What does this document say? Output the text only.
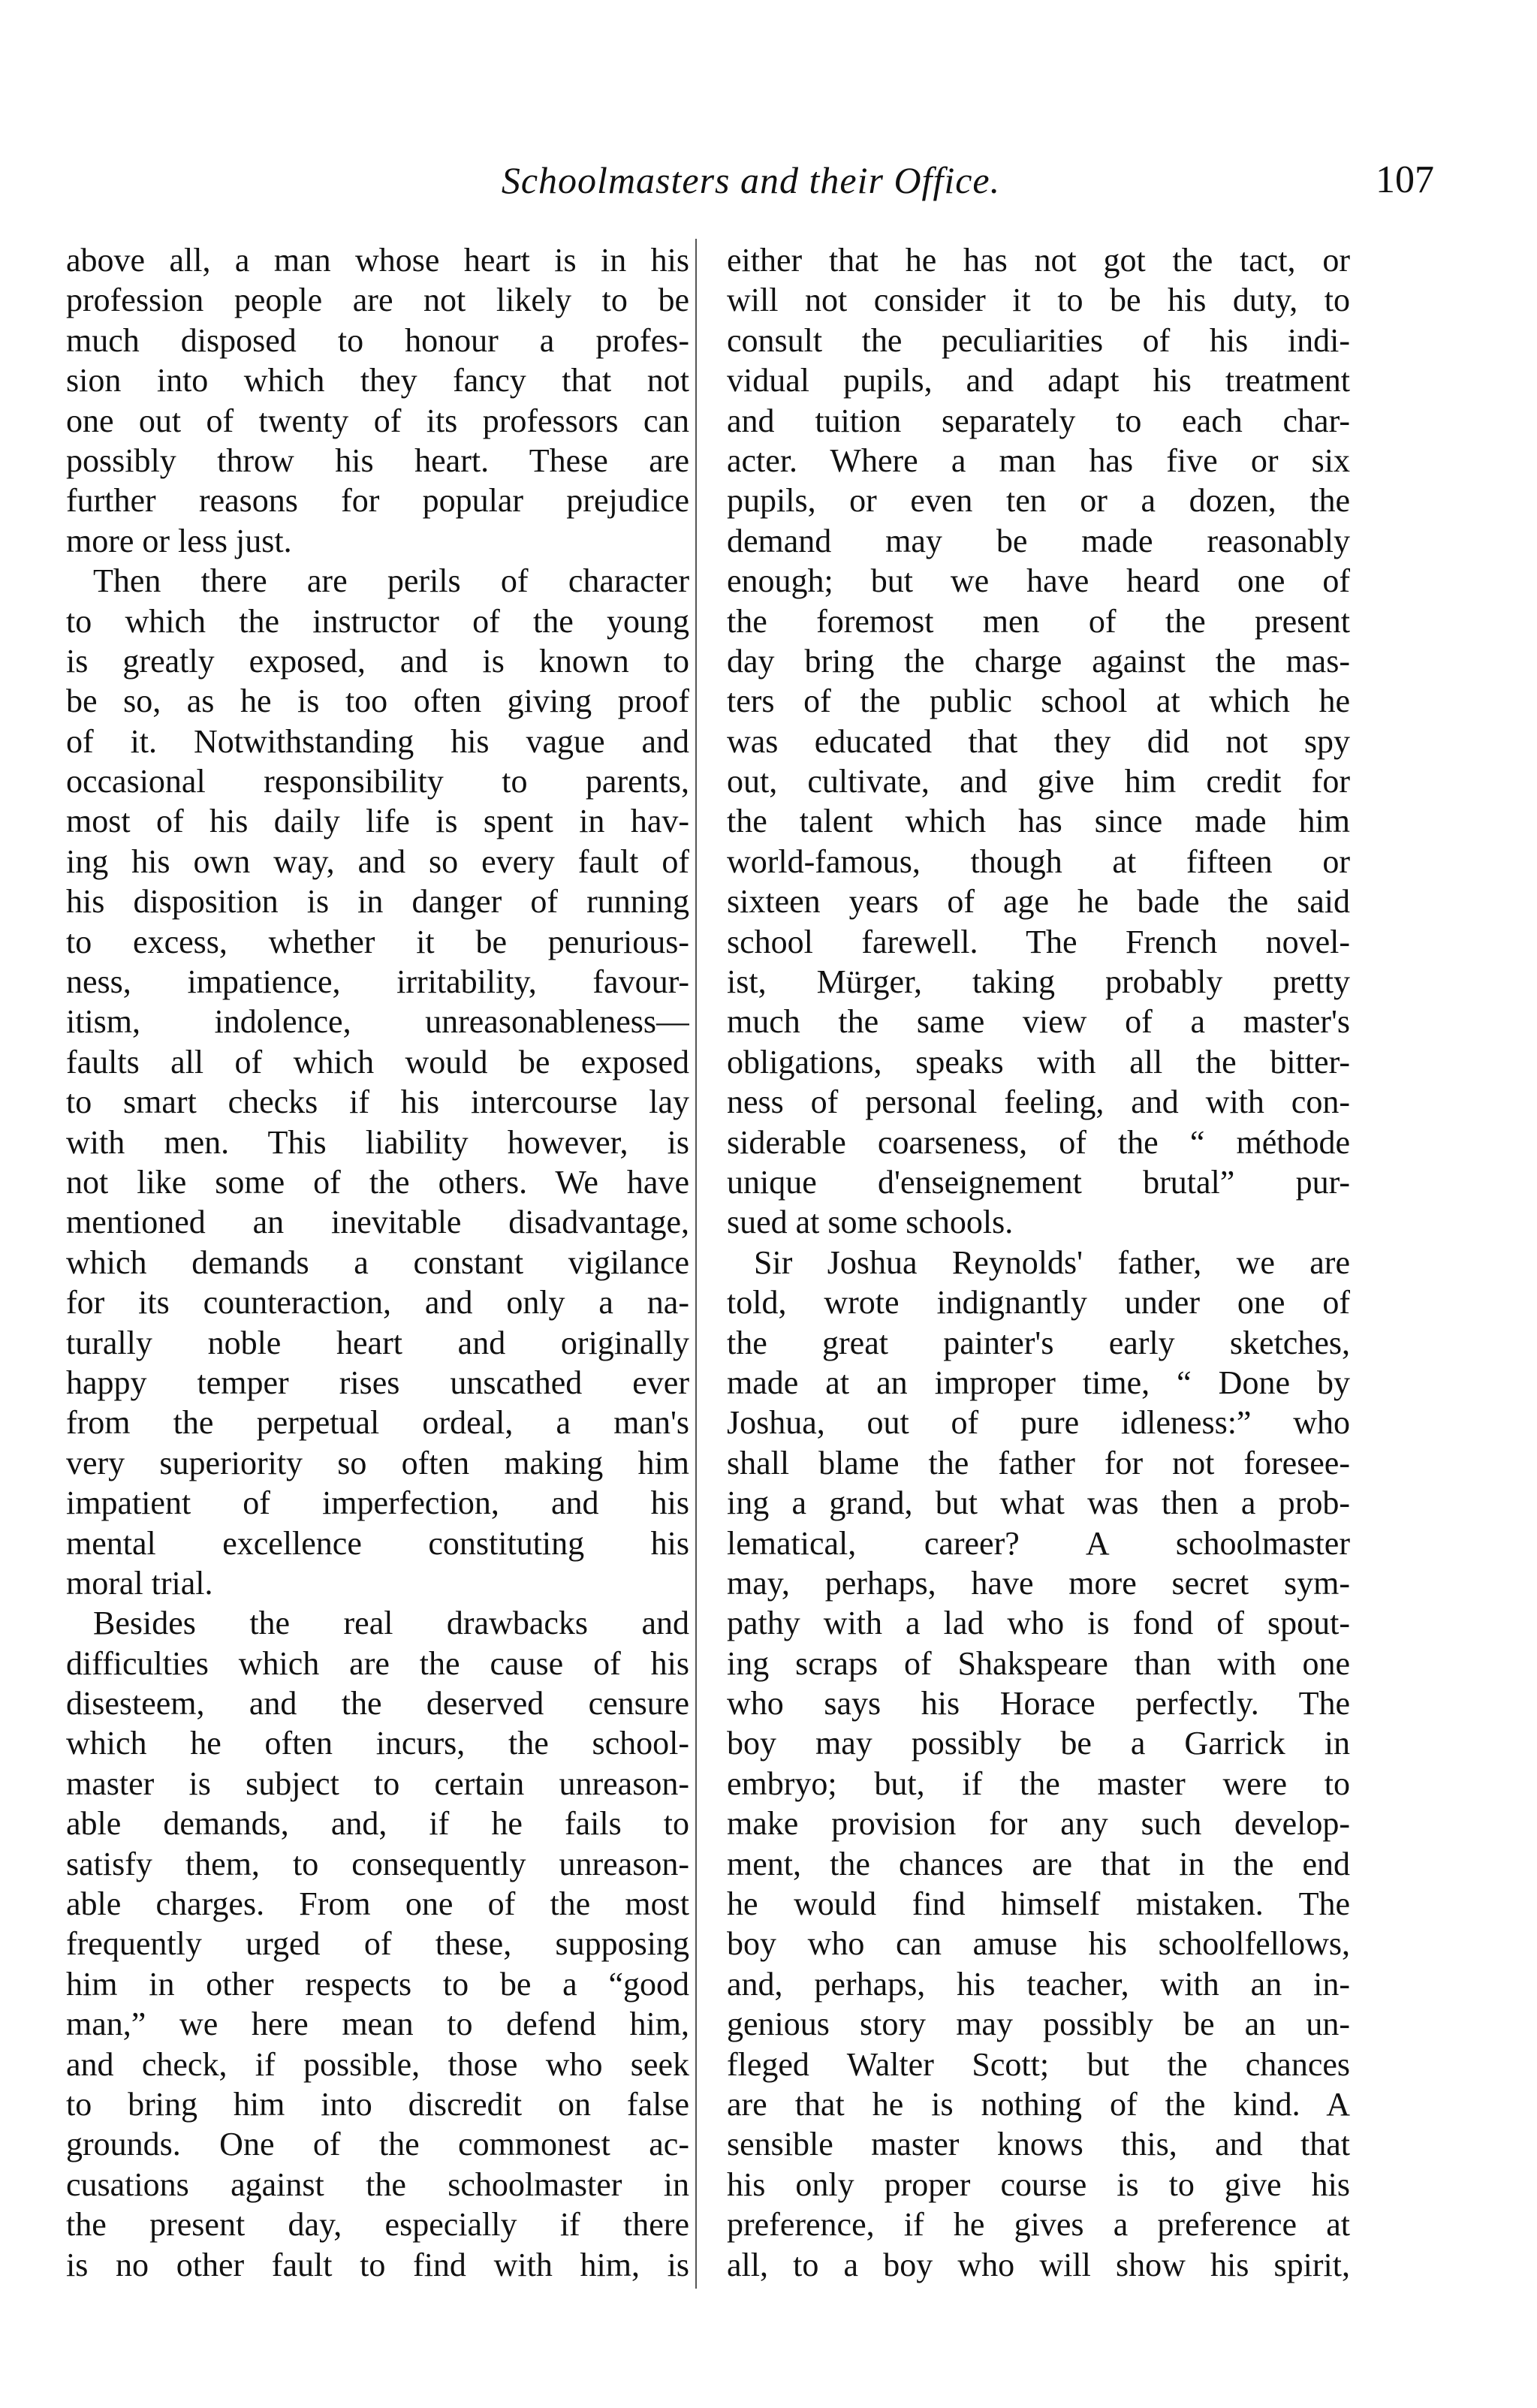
Schoolmasters and their Office.	107
above all, a man whose heart is in his
profession people are not likely to be
much disposed to honour a profes-
sion into which they fancy that not
one out of twenty of its professors can
possibly throw his heart. These are
further reasons for popular prejudice
more or less just.
Then there are perils of character
to which the instructor of the young
is greatly exposed, and is known to
be so, as he is too often giving proof
of it. Notwithstanding his vague and
occasional responsibility to parents,
most of his daily life is spent in hav-
ing his own way, and so every fault of
his disposition is in danger of running
to excess, whether it be penurious-
ness, impatience, irritability, favour-
itism, indolence, unreasonableness—
faults all of which would be exposed
to smart checks if his intercourse lay
with men. This liability however, is
not like some of the others. We have
mentioned an inevitable disadvantage,
which demands a constant vigilance
for its counteraction, and only a na-
turally noble heart and originally
happy temper rises unscathed ever
from the perpetual ordeal, a man's
very superiority so often making him
impatient of imperfection, and his
mental excellence constituting his
moral trial.
Besides the real drawbacks and
difficulties which are the cause of his
disesteem, and the deserved censure
which he often incurs, the school-
master is subject to certain unreason-
able demands, and, if he fails to
satisfy them, to consequently unreason-
able charges. From one of the most
frequently urged of these, supposing
him in other respects to be a “good
man,” we here mean to defend him,
and check, if possible, those who seek
to bring him into discredit on false
grounds. One of the commonest ac-
cusations against the schoolmaster in
the present day, especially if there
is no other fault to find with him, is
either that he has not got the tact, or
will not consider it to be his duty, to
consult the peculiarities of his indi-
vidual pupils, and adapt his treatment
and tuition separately to each char-
acter. Where a man has five or six
pupils, or even ten or a dozen, the
demand may be made reasonably
enough; but we have heard one of
the foremost men of the present
day bring the charge against the mas-
ters of the public school at which he
was educated that they did not spy
out, cultivate, and give him credit for
the talent which has since made him
world-famous, though at fifteen or
sixteen years of age he bade the said
school farewell. The French novel-
ist, Mürger, taking probably pretty
much the same view of a master's
obligations, speaks with all the bitter-
ness of personal feeling, and with con-
siderable coarseness, of the “ méthode
unique d'enseignement brutal” pur-
sued at some schools.
Sir Joshua Reynolds' father, we are
told, wrote indignantly under one of
the great painter's early sketches,
made at an improper time, “ Done by
Joshua, out of pure idleness:” who
shall blame the father for not foresee-
ing a grand, but what was then a prob-
lematical, career? A schoolmaster
may, perhaps, have more secret sym-
pathy with a lad who is fond of spout-
ing scraps of Shakspeare than with one
who says his Horace perfectly. The
boy may possibly be a Garrick in
embryo; but, if the master were to
make provision for any such develop-
ment, the chances are that in the end
he would find himself mistaken. The
boy who can amuse his schoolfellows,
and, perhaps, his teacher, with an in-
genious story may possibly be an un-
fleged Walter Scott; but the chances
are that he is nothing of the kind. A
sensible master knows this, and that
his only proper course is to give his
preference, if he gives a preference at
all, to a boy who will show his spirit,
